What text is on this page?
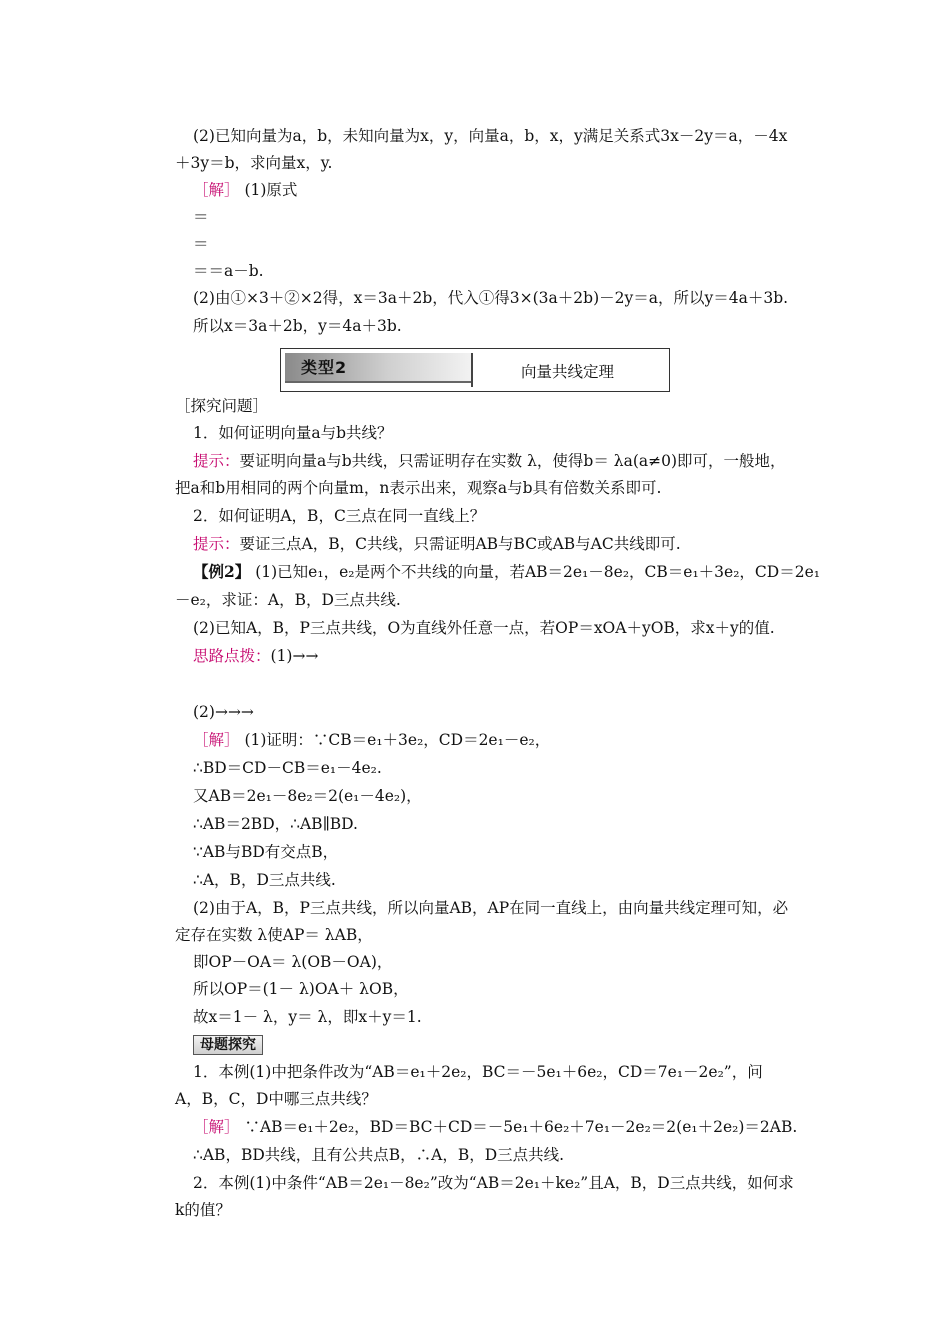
(2)已知向量为a，b，未知向量为x，y，向量a，b，x，y满足关系式3x－2y＝a，－4x
＋3y＝b，求向量x，y.
［解］ (1)原式
＝
＝
＝＝a－b.
(2)由①×3＋②×2得，x＝3a＋2b，代入①得3×(3a＋2b)－2y＝a，所以y＝4a＋3b.
所以x＝3a＋2b，y＝4a＋3b.
类型2	向量共线定理
［探究问题］
1．如何证明向量a与b共线？
提示：要证明向量a与b共线，只需证明存在实数 λ，使得b＝ λa(a≠0)即可，一般地，
把a和b用相同的两个向量m，n表示出来，观察a与b具有倍数关系即可.
2．如何证明A，B，C三点在同一直线上？
提示：要证三点A，B，C共线，只需证明AB与BC或AB与AC共线即可.
【例2】 (1)已知e₁，e₂是两个不共线的向量，若AB＝2e₁－8e₂，CB＝e₁＋3e₂，CD＝2e₁
－e₂，求证：A，B，D三点共线.
(2)已知A，B，P三点共线，O为直线外任意一点，若OP＝xOA＋yOB，求x＋y的值.
思路点拨：(1)→→
(2)→→→
［解］ (1)证明：∵CB＝e₁＋3e₂，CD＝2e₁－e₂，
∴BD＝CD－CB＝e₁－4e₂.
又AB＝2e₁－8e₂＝2(e₁－4e₂)，
∴AB＝2BD，∴AB∥BD.
∵AB与BD有交点B，
∴A，B，D三点共线.
(2)由于A，B，P三点共线，所以向量AB，AP在同一直线上，由向量共线定理可知，必
定存在实数 λ使AP＝ λAB，
即OP－OA＝ λ(OB－OA)，
所以OP＝(1－ λ)OA＋ λOB，
故x＝1－ λ，y＝ λ，即x＋y＝1.
母题探究
1．本例(1)中把条件改为“AB＝e₁＋2e₂，BC＝－5e₁＋6e₂，CD＝7e₁－2e₂”，问
A，B，C，D中哪三点共线？
［解］ ∵AB＝e₁＋2e₂，BD＝BC＋CD＝－5e₁＋6e₂＋7e₁－2e₂＝2(e₁＋2e₂)＝2AB.
∴AB，BD共线，且有公共点B，∴A，B，D三点共线.
2．本例(1)中条件“AB＝2e₁－8e₂”改为“AB＝2e₁＋ke₂”且A，B，D三点共线，如何求
k的值？
